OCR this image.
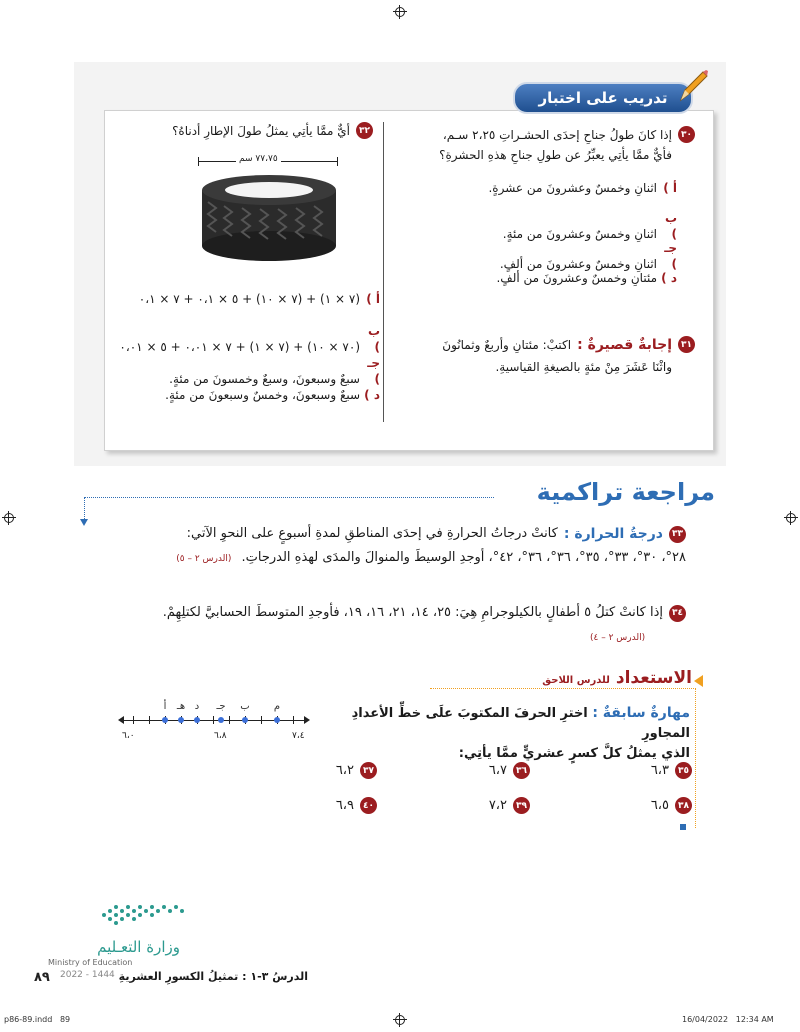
تدريب على اختبار
٣٠
إذا كانَ طولُ جناحِ إحدَى الحشـراتِ ٢،٢٥ سـم،
فأيٌّ ممَّا يأتِي يعبِّرُ عن طولِ جناحِ هذهِ الحشرةِ؟
أ )اثنانِ وخمسٌ وعشرونَ من عشرةٍ.
ب )اثنانِ وخمسٌ وعشرونَ من مئةٍ.
جـ )اثنانِ وخمسٌ وعشرونَ من ألفٍ.
د )مئتانِ وخمسٌ وعشرونَ من ألفٍ.
٣١
إجابةٌ قصيرةٌ :
اكتبْ: مئتانِ وأربعٌ وثمانُونَ
واثْنَا عَشَرَ مِنْ مئةٍ بالصيغةِ القياسيةِ.
٣٢
أيٌّ ممَّا يأتِي يمثلُ طولَ الإطارِ أدناهُ؟
٧٧،٧٥ سم
أ )(٧ × ١) + (٧ × ١٠) + ٥ × ٠،١ + ٧ × ٠،١
ب )(٧٠ × ١٠) + (٧ × ١) + ٧ × ٠،٠١ + ٥ × ٠،٠١
جـ )سبعٌ وسبعونَ، وسبعٌ وخمسونَ من مئةٍ.
د )سبعٌ وسبعونَ، وخمسٌ وسبعونَ من مئةٍ.
مراجعة تراكمية
٣٣
درجةُ الحرارة :
كانتْ درجاتُ الحرارةِ في إحدَى المناطقِ لمدةِ أسبوعٍ على النحوِ الآتي:
٢٨°، ٣٠°، ٣٣°، ٣٥°، ٣٦°، ٣٦°، ٤٢°، أوجدِ الوسيطَ والمنوالَ والمدَى لهذهِ الدرجاتِ. (الدرس ٢ – ٥)
٣٤
إذا كانتْ كتلُ ٥ أطفالٍ بالكيلوجرامِ هِيَ: ٢٥، ١٤، ٢١، ١٦، ١٩، فأوجدِ المتوسطَ الحسابيَّ لكتلِهِمْ.
(الدرس ٢ – ٤)
الاستعداد
للدرس اللاحق
مهارةٌ سابقةٌ : اخترِ الحرفَ المكتوبَ علَى خطِّ الأعدادِ المجاورِ
الذي يمثلُ كلَّ كسرٍ عشريٍّ ممَّا يأتِي:
م
ب
جـ
د
هـ
أ
٦،٠	٦،٨	٧،٤
٣٥
٦،٣
٣٦
٦،٧
٣٧
٦،٢
٣٨
٦،٥
٣٩
٧،٢
٤٠
٦،٩
وزارة التعـليم
Ministry of Education
2022 - 1444
٨٩	الدرسُ ٣-١ : تمثيلُ الكسورِ العشريةِ
p86-89.indd   89	16/04/2022   12:34 AM
